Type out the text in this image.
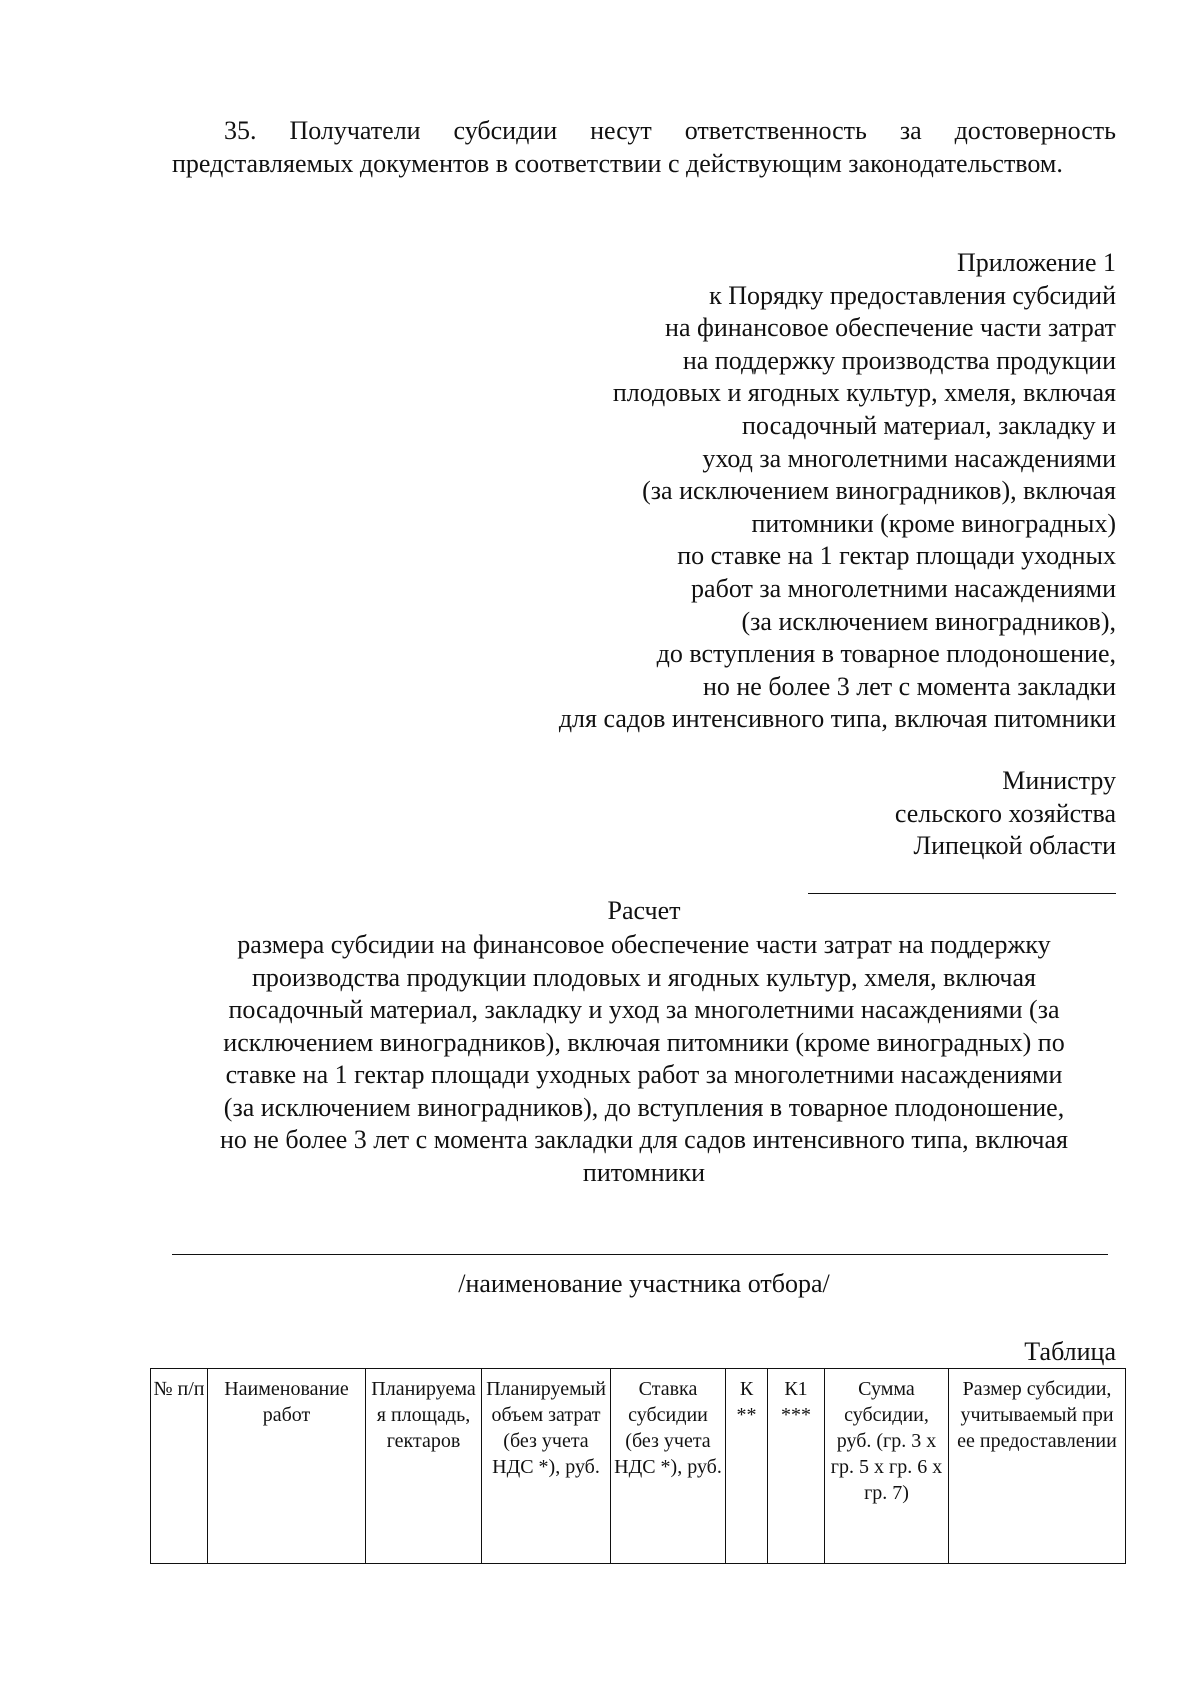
35. Получатели субсидии несут ответственность за достоверность представляемых документов в соответствии с действующим законодательством.

Приложение 1
к Порядку предоставления субсидий
на финансовое обеспечение части затрат
на поддержку производства продукции
плодовых и ягодных культур, хмеля, включая
посадочный материал, закладку и
уход за многолетними насаждениями
(за исключением виноградников), включая
питомники (кроме виноградных)
по ставке на 1 гектар площади уходных
работ за многолетними насаждениями
(за исключением виноградников),
до вступления в товарное плодоношение,
но не более 3 лет с момента закладки
для садов интенсивного типа, включая питомники
Министру
сельского хозяйства
Липецкой области
Расчет
размера субсидии на финансовое обеспечение части затрат на поддержку
производства продукции плодовых и ягодных культур, хмеля, включая
посадочный материал, закладку и уход за многолетними насаждениями (за
исключением виноградников), включая питомники (кроме виноградных) по
ставке на 1 гектар площади уходных работ за многолетними насаждениями
(за исключением виноградников), до вступления в товарное плодоношение,
но не более 3 лет с момента закладки для садов интенсивного типа, включая
питомники
/наименование участника отбора/
Таблица
№ п/п	Наименование работ	Планируемая площадь, гектаров	Планируемый объем затрат (без учета НДС *), руб.	Ставка субсидии (без учета НДС *), руб.	К **	К1 ***	Сумма субсидии, руб. (гр. 3 x гр. 5 x гр. 6 x гр. 7)	Размер субсидии, учитываемый при ее предоставлении
